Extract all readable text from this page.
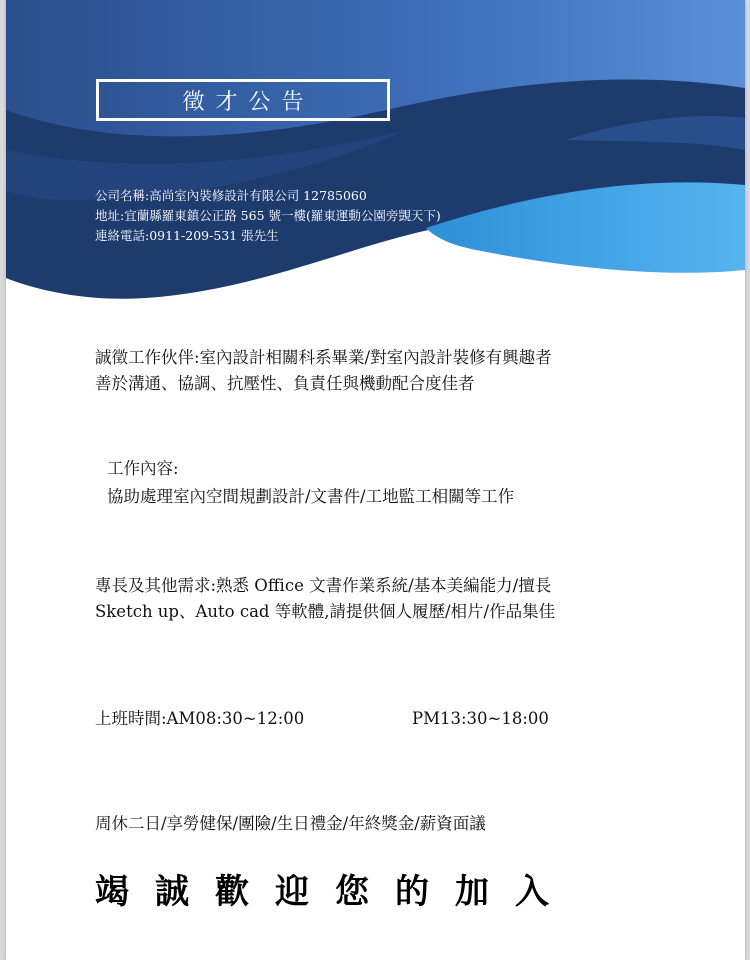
徵才公告
公司名稱:高尚室內裝修設計有限公司 12785060
地址:宜蘭縣羅東鎮公正路 565 號一樓(羅東運動公園旁覬天下)
連絡電話:0911-209-531 張先生
誠徵工作伙伴:室內設計相關科系畢業/對室內設計裝修有興趣者
善於溝通、協調、抗壓性、負責任與機動配合度佳者
工作內容:
協助處理室內空間規劃設計/文書件/工地監工相關等工作
專長及其他需求:熟悉 Office 文書作業系統/基本美編能力/擅長
Sketch up、Auto cad 等軟體,請提供個人履歷/相片/作品集佳
上班時間:AM08:30~12:00	PM13:30~18:00
周休二日/享勞健保/團險/生日禮金/年終獎金/薪資面議
竭誠歡迎您的加入
